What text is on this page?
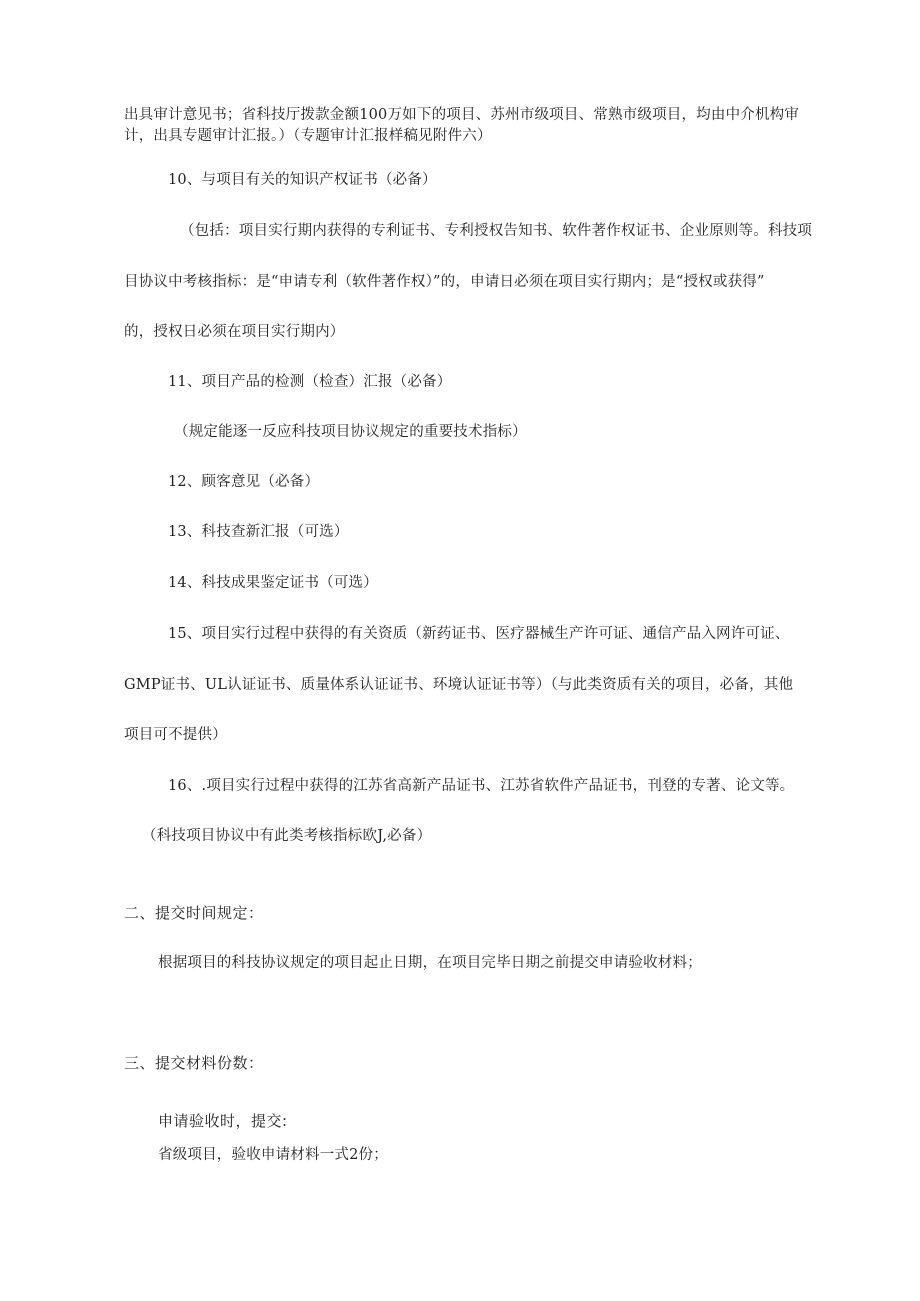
出具审计意见书；省科技厅拨款金额100万如下的项目、苏州市级项目、常熟市级项目，均由中介机构审
计，出具专题审计汇报。）（专题审计汇报样稿见附件六）
10、与项目有关的知识产权证书（必备）
（包括：项目实行期内获得的专利证书、专利授权告知书、软件著作权证书、企业原则等。科技项
目协议中考核指标：是“申请专利（软件著作权）”的，申请日必须在项目实行期内；是“授权或获得”
的，授权日必须在项目实行期内）
11、项目产品的检测（检查）汇报（必备）
（规定能逐一反应科技项目协议规定的重要技术指标）
12、顾客意见（必备）
13、科技查新汇报（可选）
14、科技成果鉴定证书（可选）
15、项目实行过程中获得的有关资质（新药证书、医疗器械生产许可证、通信产品入网许可证、
GMP证书、UL认证证书、质量体系认证证书、环境认证证书等）（与此类资质有关的项目，必备，其他
项目可不提供）
16、.项目实行过程中获得的江苏省高新产品证书、江苏省软件产品证书，刊登的专著、论文等。
（科技项目协议中有此类考核指标欧J,必备）
二、提交时间规定：
根据项目的科技协议规定的项目起止日期，在项目完毕日期之前提交申请验收材料；
三、提交材料份数：
申请验收时，提交:
省级项目，验收申请材料一式2份；
